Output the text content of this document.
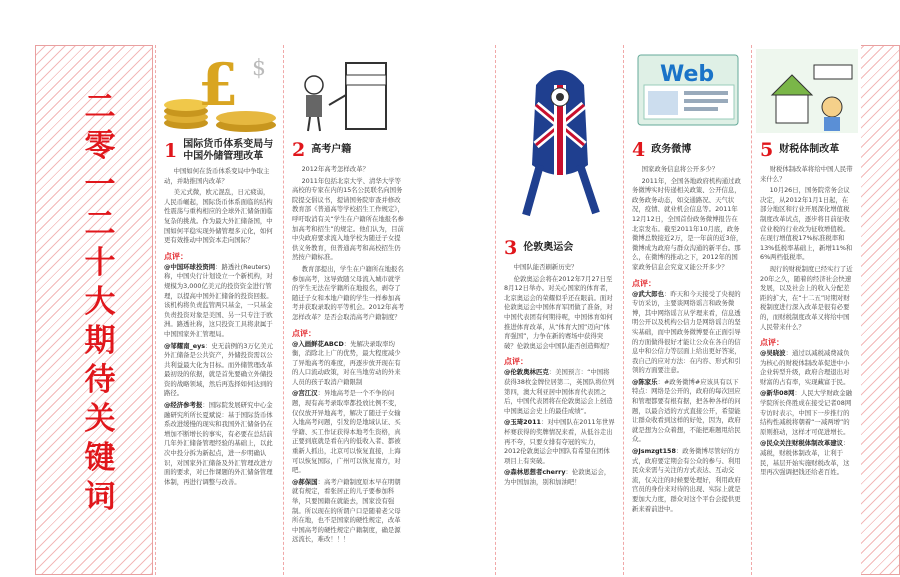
二
零
一
二
十
大
期
待
关
键
词
£ $
1 国际货币体系变局与
中国外储管理改革

中国如何在货币体系变局中争取主动，并助推国内改革？

美元式微，欧元混乱，日元疲弱，人民币崛起，国际货币体系面临的结构性震荡与重构相应的全球外汇储备面临复杂的挑战。作为最大外汇储备国，中国如何平稳实现外储管理多元化，如何更有效推动中国资本走向国际？

点评：

@中国环球投资网：路透社(Reuters)称，中国央行计划设立一个新机构，对规模为3,000亿美元的投资资金进行管理，以提高中国外汇储备的投资回报。该机构将负责监管两只基金，一只基金负责投资对象是美国、另一只专注于欧洲。路透社称，这只投资工具将隶属于中国国家外汇管理局。

@邹耀南_eys：史无前例的3万亿美元外汇储备是公共资产，外储投资需以公共利益最大化为目标。而外储管理改革最初设的依据，就是首先要确立外储投资的战略领域，然后再选择如何达到的路径。

@经济参考报：国际院发展研究中心金融研究所所长夏斌说：基于国际货币体系改进缓慢的现实和我国外汇储备仍在增加不断增长的事实，有必要在总结前几年外汇储备管理经验的基础上，以此次中投分拆为新起点，进一步明确认识，对国家外汇储备及外汇管理改进方面的要求，对已作课题的外汇储备管理体制，再进行调整与改善。

2 高考户籍

2012年高考怎样改革？

2011年包括北京大学、清华大学等高校的专家在内的15名公民联名向国务院提交倡议书，提请国务院审查并修改教育部《普通高等学校招生工作规定》，呼吁取消有关“学生在户籍所在地报名参加高考和招生”的规定。他们认为，目前中央政府要求流入地学校为随迁子女提供义务教育，但普通高考和高校招生仍然按户籍标准。

教育部提出，学生在户籍所在地报名参加高考，这导致随父母流入城市就学的学生无法在学籍所在地报名，剥夺了随迁子女和本地户籍的学生一样参加高考并获取录取的平等机会。2012年高考怎样改革？是否会取消高考户籍制度？

点评：

@入画鲜花ABCD：先解决录取率均衡，消除北上广的优势，最大程度减少了异地高考的难度，再逐步放开现在有的人口流动政策，对在当地劳动的外来人员的孩子取消户籍限制

@宫江汉：异地高考是一个不争的问题，现有高考录取率都投放比例不变，仅仅放开异地高考，解决了随迁子女输入地高考问题，引发的是地域认证、买学籍、买工作证获得本地考生资格，真正要到底就是看在内的低收入者、都被重新人抓出，北京可以恢复直接，上海可以恢复国际，广州可以恢复南方，对吧。

@郝保国：高考户籍制度原本早在明朝就有规定，看张居正的儿子要参加科举，只要国籍在就能去，国家没有强制。所以现在的所谓户口是随着老父母所在地，也不是国家的硬性规定，改革中国高考的硬性规定户籍制度，确是源远流长，难改！！！

3 伦敦奥运会

中国队能否刷新历史？

伦敦奥运会将在2012年7月27日至8月12日举办。对关心国家的体育者，北京奥运会的荣耀似乎还在眼前。面对伦敦奥运会中国体育军团做了准备，对中国代表团有何期待呢，中国体育如何推进体育改革，从“体育大国”迈向“体育强国”，力争在新的赛场中获得突破？伦敦奥运会中国队能否创造辉煌？

点评：

@伦敦奥林匹克：美国预言：“中国将获得38枚金牌位居第二，英国队将位列第四，澳大利亚居中国体育代表团之后，中国代表团将在伦敦奥运会上创造中国奥运会史上的最佳成绩”。

@玉琦2011：对中国队在2011年世界杯赛获得的奖牌情况来看，从低谷走出再不夸，只要女排有夺冠的实力，2012伦敦奥运会中国队有希望在团体项目上有突破。

@森林思想者cherry：伦敦奥运会，为中国加油，别和加油吧！

Web
4 政务微博

国家政务信息将公开多少？

2011年，全国各地政府机构通过政务微博实时传递相关政策、公开信息，政务政务动态，如交通路况、天气状况，疫情、就业机会信息等。2011年12月12日，全国首份政务微博报告在北京发布。截至2011年10月底，政务微博总数接近2万，是一年前的近3倍，微博成为政府与群众沟通的新平台。那么，在微博的推动之下，2012年的国家政务信息会究竟又能公开多少？

点评：

@武大郎也：昨天和今天接受了央视的专访采访，主要谈网络谣言和政务微博，其中网络谣言从学理来看，信息透明公开以及机构公信力是网络谣言的坚实基础，而中国政务微博要在正面引导的方面做得很好才能让公众在各自的信息中和公信力等层面上给出更好答案，我自己的应对方法：在内容、形式和引领的方面要注意。

@陈家乐：#政务微博#应该具有以下特点：网络是公开的，政府的每次回应和管理都要有根有据，把各种各样的问题，以最合适的方式直接公开，希望能让群众收看到这样的好处，因为，政府就是想为公众着想，不能把难题甩给民众。

@Jsmzgt158：政务微博尽管好的方式，政府要定期会有公众的参与、利用民众来需与关注的方式表达、互动交流，仅关注的时候要处理好，利用政府官员的身份来对待的出现、实际上就是要加大力度，群众对这个平台会提供更新来着前进中。

5 财税体制改革

财税体制改革将给中国人民带来什么？

10月26日，国务院常务会议决定，从2012年1月1日起，在部分地区和行业开展深化增值税制度改革试点，逐步将目前征收营业税的行业改为征收增值税。在现行增值税17%标准税率和13%低税率基础上，新增11%和6%两档低税率。

现行的财税制度已经实行了近20年之久，随着的经济社会快速发展，以及社会上的收入分配差距的扩大，在“十二五”时期对财税制度进行深入改革是很有必要的，而财税制度改革又将给中国人民带来什么？

点评：

@吴晓波：通过以减税减费减负为核心的财税体制改革促进中小企业转型升级，政府合理退出对财富的占有率，实现藏富于民。

@新华08网：人民大学财政金融学院所长佟胜成在接受记者08网专访时表示，中国下一步推行的结构性减税将朝着“一减两增”的原则推动，这样才可促进增长。

@民众关注财税体制改革建议：减税，财税体制改革，让利于民，基层开始实施财税改革，这里再次强调把钱还给老百姓。
